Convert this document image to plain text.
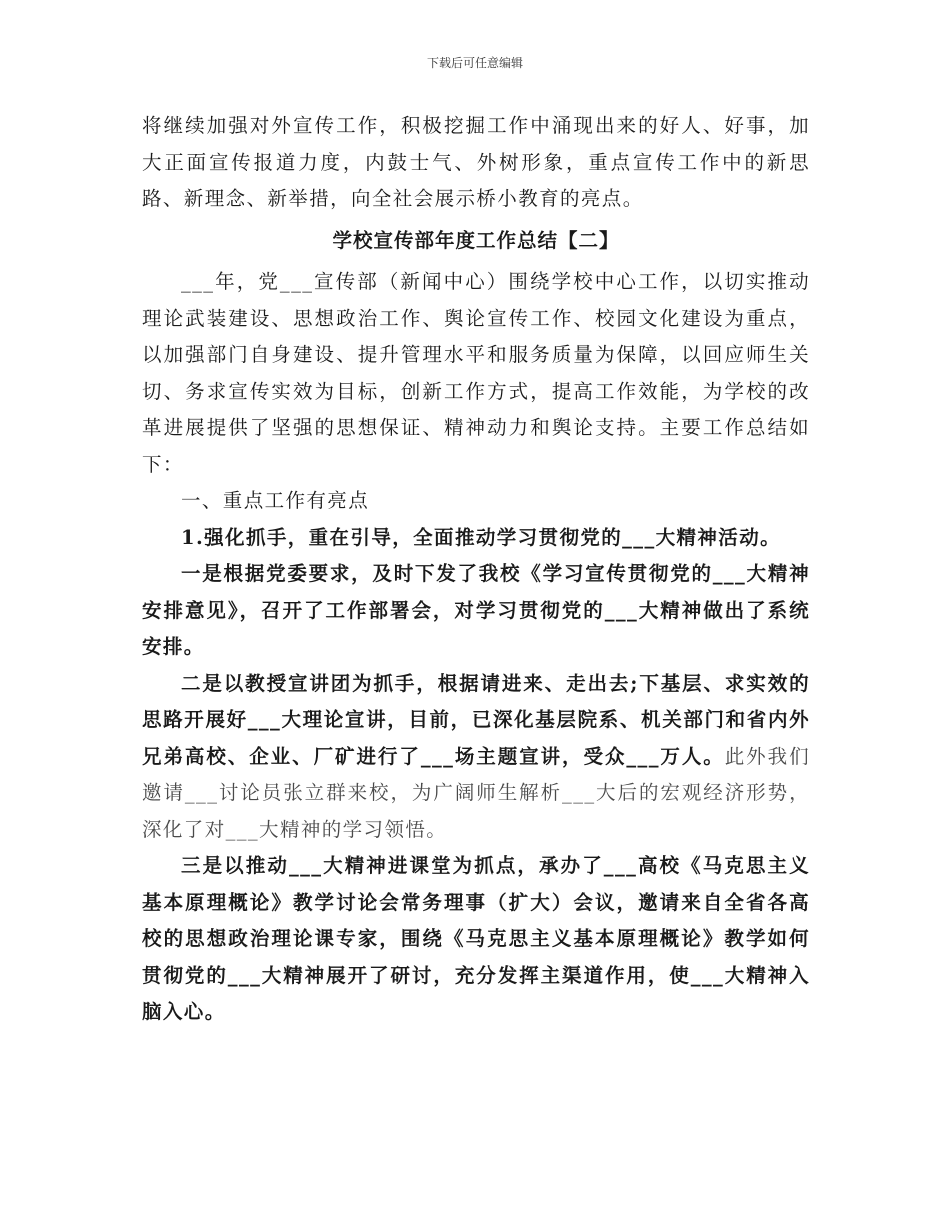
下载后可任意编辑

将继续加强对外宣传工作，积极挖掘工作中涌现出来的好人、好事，加大正面宣传报道力度，内鼓士气、外树形象，重点宣传工作中的新思路、新理念、新举措，向全社会展示桥小教育的亮点。

学校宣传部年度工作总结【二】

___年，党___宣传部（新闻中心）围绕学校中心工作，以切实推动理论武装建设、思想政治工作、舆论宣传工作、校园文化建设为重点，以加强部门自身建设、提升管理水平和服务质量为保障，以回应师生关切、务求宣传实效为目标，创新工作方式，提高工作效能，为学校的改革进展提供了坚强的思想保证、精神动力和舆论支持。主要工作总结如下：

一、重点工作有亮点

1.强化抓手，重在引导，全面推动学习贯彻党的___大精神活动。

一是根据党委要求，及时下发了我校《学习宣传贯彻党的___大精神安排意见》，召开了工作部署会，对学习贯彻党的___大精神做出了系统安排。

二是以教授宣讲团为抓手，根据请进来、走出去;下基层、求实效的思路开展好___大理论宣讲，目前，已深化基层院系、机关部门和省内外兄弟高校、企业、厂矿进行了___场主题宣讲，受众___万人。此外我们邀请___讨论员张立群来校，为广阔师生解析___大后的宏观经济形势，深化了对___大精神的学习领悟。

三是以推动___大精神进课堂为抓点，承办了___高校《马克思主义基本原理概论》教学讨论会常务理事（扩大）会议，邀请来自全省各高校的思想政治理论课专家，围绕《马克思主义基本原理概论》教学如何贯彻党的___大精神展开了研讨，充分发挥主渠道作用，使___大精神入脑入心。
